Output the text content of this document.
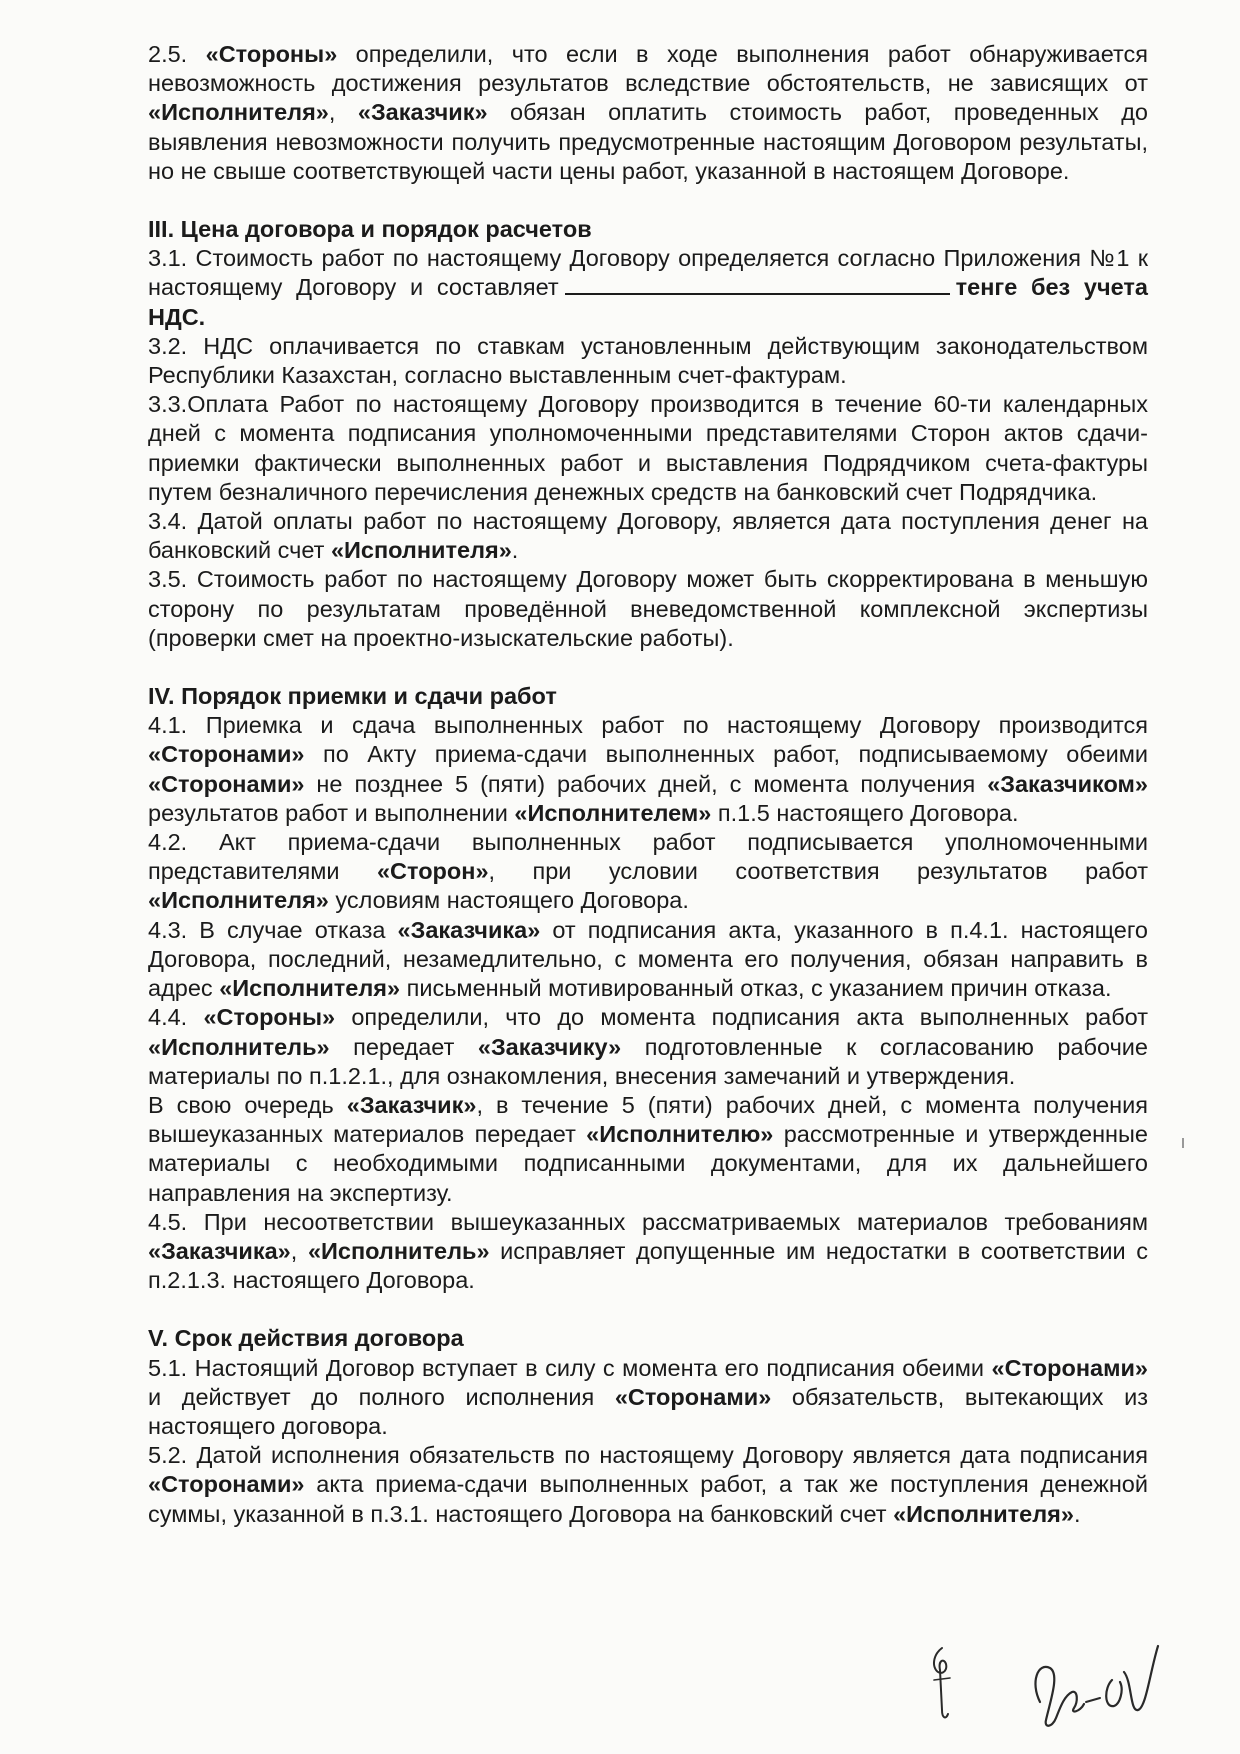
2.5. «Стороны» определили, что если в ходе выполнения работ обнаруживается невозможность достижения результатов вследствие обстоятельств, не зависящих от «Исполнителя», «Заказчик» обязан оплатить стоимость работ, проведенных до выявления невозможности получить предусмотренные настоящим Договором результаты, но не свыше соответствующей части цены работ, указанной в настоящем Договоре.

III. Цена договора и порядок расчетов

3.1. Стоимость работ по настоящему Договору определяется согласно Приложения №1 к настоящему Договору и составляет	тенге без учета НДС.

3.2. НДС оплачивается по ставкам установленным действующим законодательством Республики Казахстан, согласно выставленным счет-фактурам.

3.3.Оплата Работ по настоящему Договору производится в течение 60-ти календарных дней с момента подписания уполномоченными представителями Сторон актов сдачи-приемки фактически выполненных работ и выставления Подрядчиком счета-фактуры путем безналичного перечисления денежных средств на банковский счет Подрядчика.

3.4. Датой оплаты работ по настоящему Договору, является дата поступления денег на банковский счет «Исполнителя».

3.5. Стоимость работ по настоящему Договору может быть скорректирована в меньшую сторону по результатам проведённой вневедомственной комплексной экспертизы (проверки смет на проектно-изыскательские работы).

IV. Порядок приемки и сдачи работ

4.1. Приемка и сдача выполненных работ по настоящему Договору производится «Сторонами» по Акту приема-сдачи выполненных работ, подписываемому обеими «Сторонами» не позднее 5 (пяти) рабочих дней, с момента получения «Заказчиком» результатов работ и выполнении «Исполнителем» п.1.5 настоящего Договора.

4.2. Акт приема-сдачи выполненных работ подписывается уполномоченными представителями «Сторон», при условии соответствия результатов работ «Исполнителя» условиям настоящего Договора.

4.3. В случае отказа «Заказчика» от подписания акта, указанного в п.4.1. настоящего Договора, последний, незамедлительно, с момента его получения, обязан направить в адрес «Исполнителя» письменный мотивированный отказ, с указанием причин отказа.

4.4. «Стороны» определили, что до момента подписания акта выполненных работ «Исполнитель» передает «Заказчику» подготовленные к согласованию рабочие материалы по п.1.2.1., для ознакомления, внесения замечаний и утверждения.

В свою очередь «Заказчик», в течение 5 (пяти) рабочих дней, с момента получения вышеуказанных материалов передает «Исполнителю» рассмотренные и утвержденные материалы с необходимыми подписанными документами, для их дальнейшего направления на экспертизу.

4.5. При несоответствии вышеуказанных рассматриваемых материалов требованиям «Заказчика», «Исполнитель» исправляет допущенные им недостатки в соответствии с п.2.1.3. настоящего Договора.

V. Срок действия договора

5.1. Настоящий Договор вступает в силу с момента его подписания обеими «Сторонами» и действует до полного исполнения «Сторонами» обязательств, вытекающих из настоящего договора.

5.2. Датой исполнения обязательств по настоящему Договору является дата подписания «Сторонами» акта приема-сдачи выполненных работ, а так же поступления денежной суммы, указанной в п.3.1. настоящего Договора на банковский счет «Исполнителя».
